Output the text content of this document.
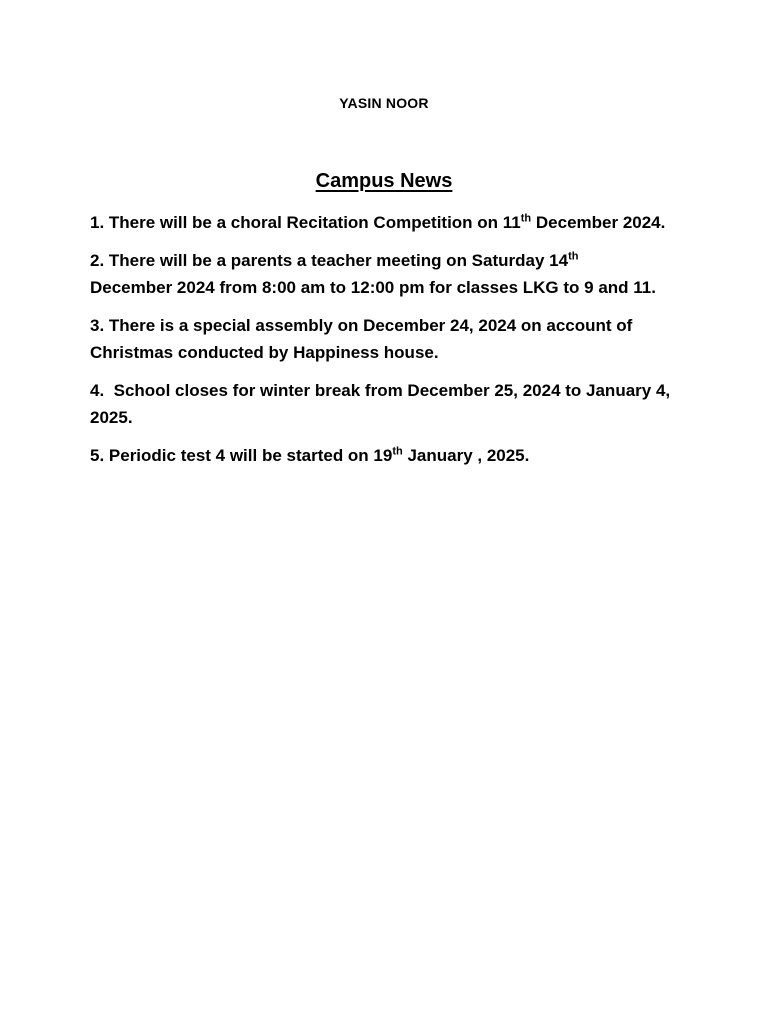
YASIN NOOR
Campus News
1. There will be a choral Recitation Competition on 11th December 2024.
2. There will be a parents a teacher meeting on Saturday 14th
December 2024 from 8:00 am to 12:00 pm for classes LKG to 9 and 11.
3. There is a special assembly on December 24, 2024 on account of Christmas conducted by Happiness house.
4.  School closes for winter break from December 25, 2024 to January 4, 2025.
5. Periodic test 4 will be started on 19th January , 2025.
